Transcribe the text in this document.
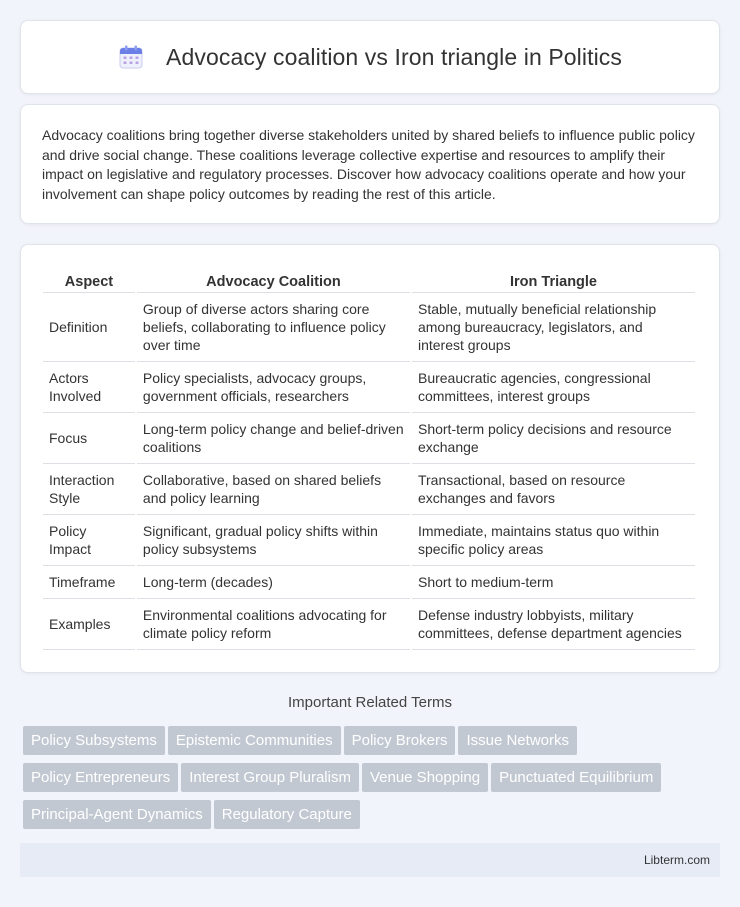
Advocacy coalition vs Iron triangle in Politics

Advocacy coalitions bring together diverse stakeholders united by shared beliefs to influence public policy and drive social change. These coalitions leverage collective expertise and resources to amplify their impact on legislative and regulatory processes. Discover how advocacy coalitions operate and how your involvement can shape policy outcomes by reading the rest of this article.

Aspect	Advocacy Coalition	Iron Triangle
Definition	Group of diverse actors sharing core beliefs, collaborating to influence policy over time	Stable, mutually beneficial relationship among bureaucracy, legislators, and interest groups
Actors Involved	Policy specialists, advocacy groups, government officials, researchers	Bureaucratic agencies, congressional committees, interest groups
Focus	Long-term policy change and belief-driven coalitions	Short-term policy decisions and resource exchange
Interaction Style	Collaborative, based on shared beliefs and policy learning	Transactional, based on resource exchanges and favors
Policy Impact	Significant, gradual policy shifts within policy subsystems	Immediate, maintains status quo within specific policy areas
Timeframe	Long-term (decades)	Short to medium-term
Examples	Environmental coalitions advocating for climate policy reform	Defense industry lobbyists, military committees, defense department agencies
Important Related Terms
Policy Subsystems Epistemic Communities Policy Brokers Issue Networks
Policy Entrepreneurs Interest Group Pluralism Venue Shopping Punctuated Equilibrium
Principal-Agent Dynamics Regulatory Capture
Libterm.com
